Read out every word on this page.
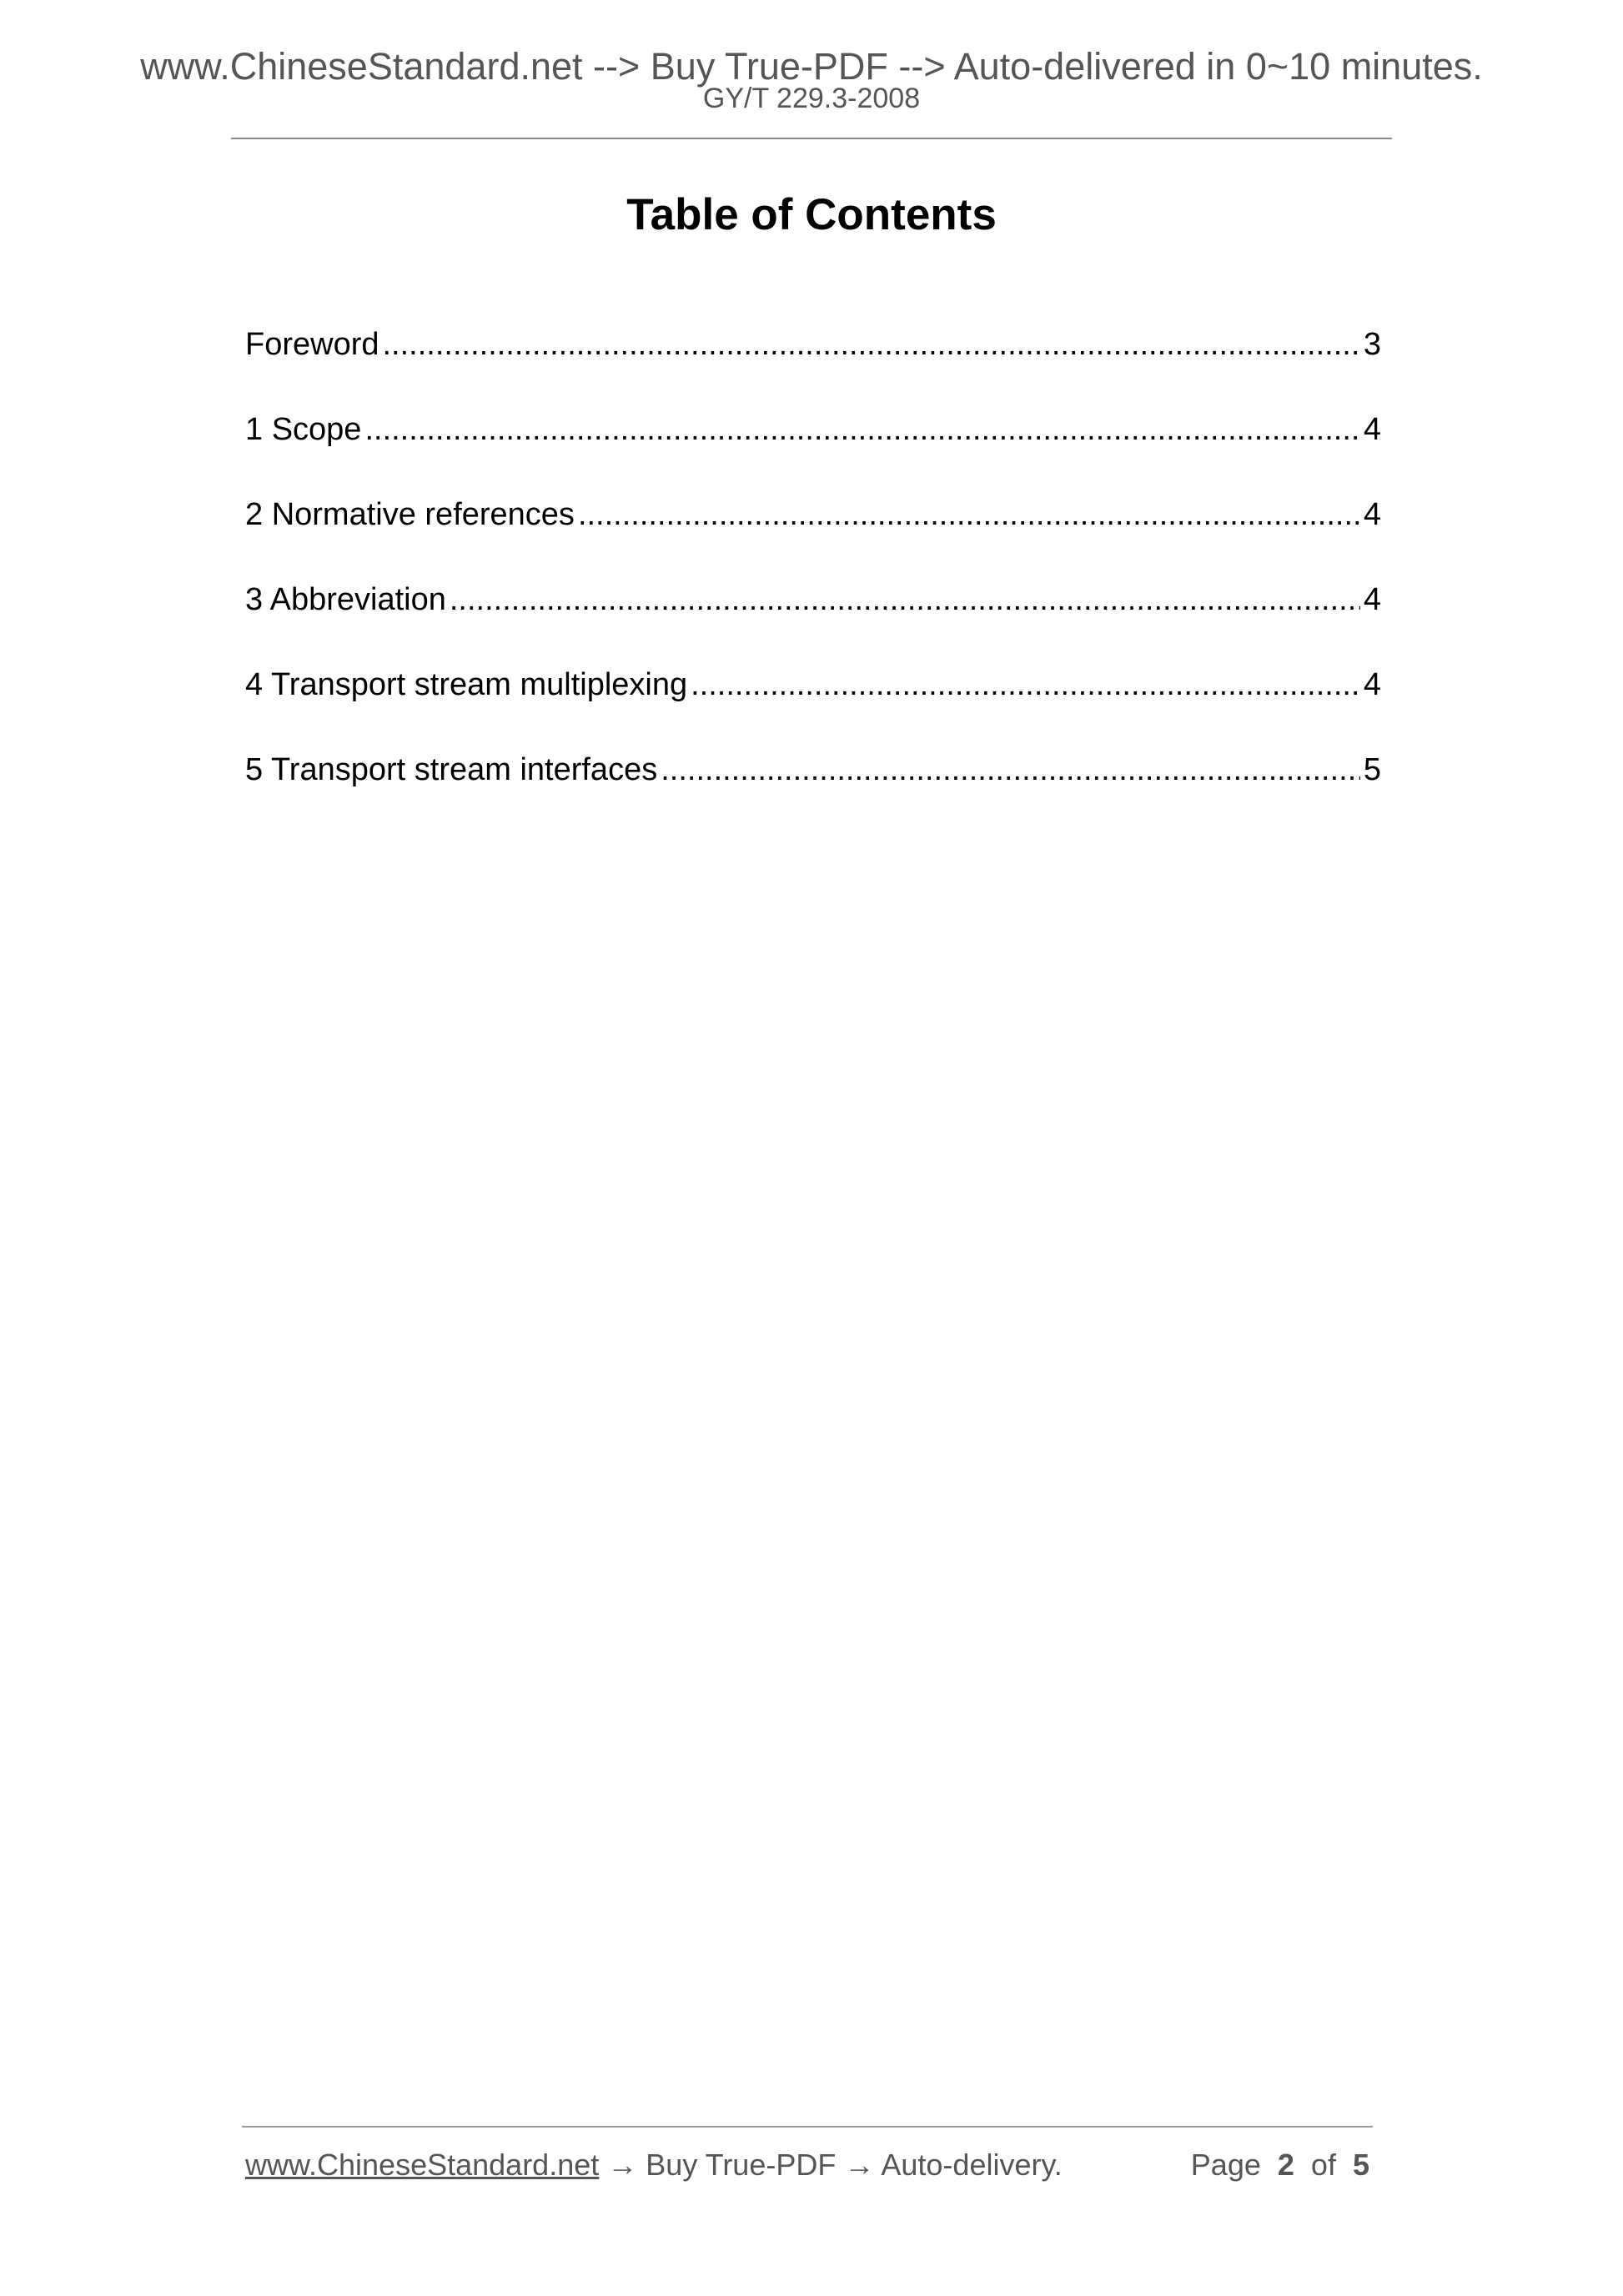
www.ChineseStandard.net --> Buy True-PDF --> Auto-delivered in 0~10 minutes.
GY/T 229.3-2008
Table of Contents
Foreword .....	3
1 Scope .....	4
2 Normative references .....	4
3 Abbreviation .....	4
4 Transport stream multiplexing .....	4
5 Transport stream interfaces .....	5
www.ChineseStandard.net → Buy True-PDF → Auto-delivery.	Page 2 of 5
